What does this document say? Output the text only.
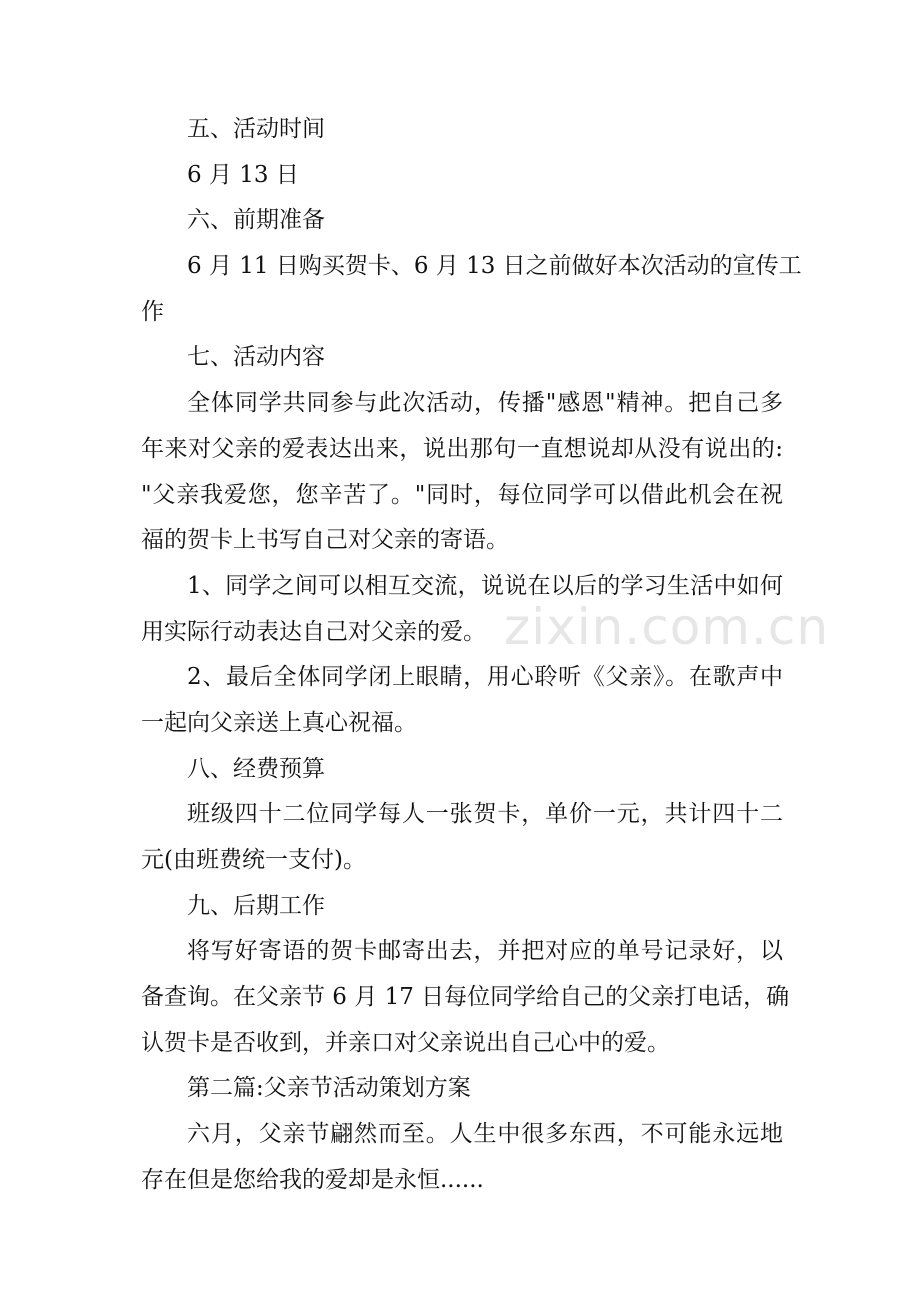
五、活动时间
6 月 13 日
六、前期准备
6 月 11 日购买贺卡、6 月 13 日之前做好本次活动的宣传工
作
七、活动内容
全体同学共同参与此次活动，传播"感恩"精神。把自己多
年来对父亲的爱表达出来，说出那句一直想说却从没有说出的:
"父亲我爱您，您辛苦了。"同时，每位同学可以借此机会在祝
福的贺卡上书写自己对父亲的寄语。
1、同学之间可以相互交流，说说在以后的学习生活中如何
用实际行动表达自己对父亲的爱。
2、最后全体同学闭上眼睛，用心聆听《父亲》。在歌声中
一起向父亲送上真心祝福。
八、经费预算
班级四十二位同学每人一张贺卡，单价一元，共计四十二
元(由班费统一支付)。
九、后期工作
将写好寄语的贺卡邮寄出去，并把对应的单号记录好，以
备查询。在父亲节 6 月 17 日每位同学给自己的父亲打电话，确
认贺卡是否收到，并亲口对父亲说出自己心中的爱。
第二篇:父亲节活动策划方案
六月，父亲节翩然而至。人生中很多东西，不可能永远地
存在但是您给我的爱却是永恒......
zixin.com.cn
